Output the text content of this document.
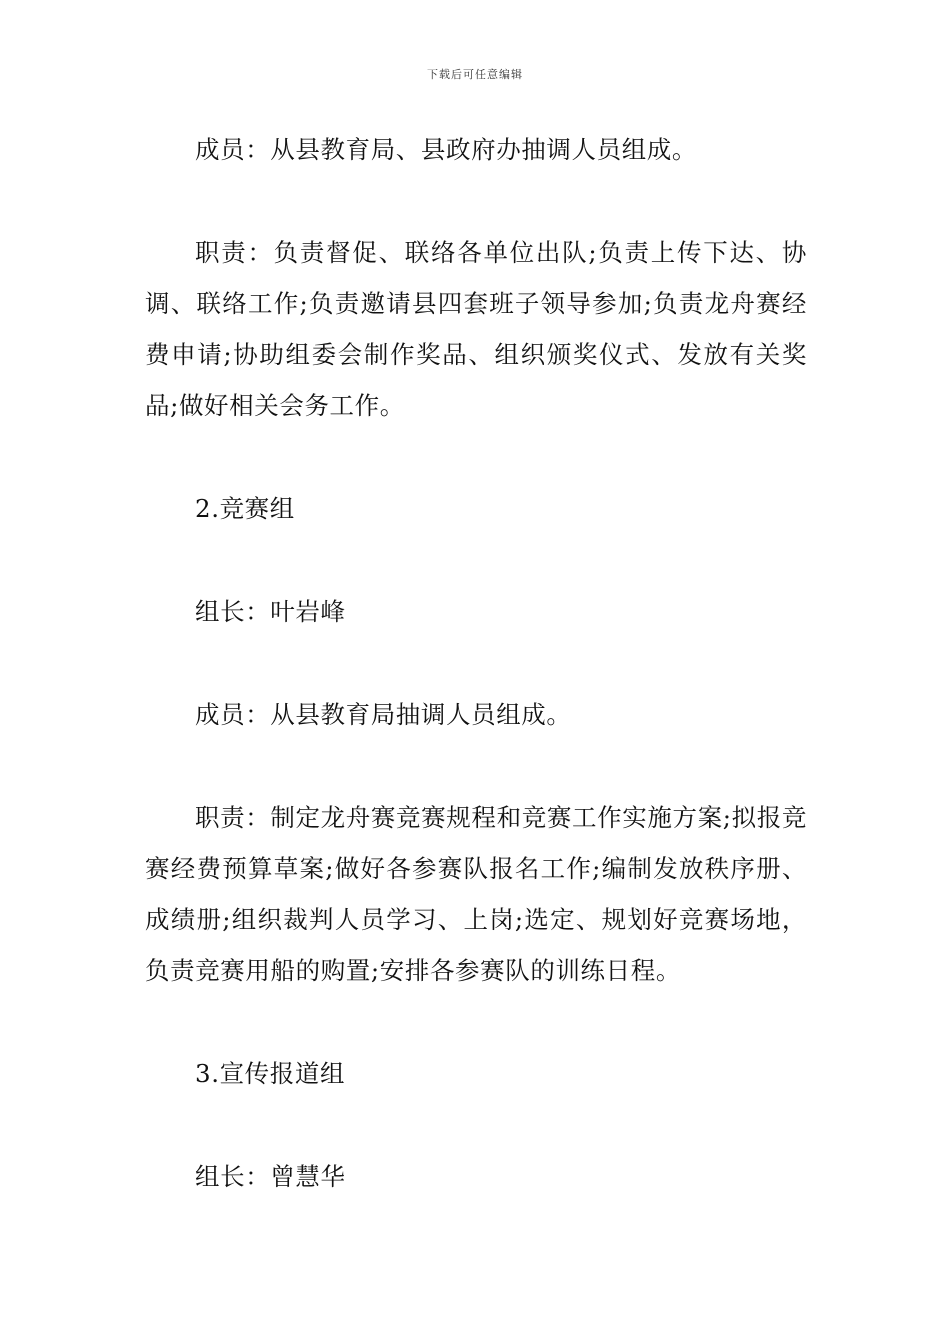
下载后可任意编辑

成员：从县教育局、县政府办抽调人员组成。

职责：负责督促、联络各单位出队;负责上传下达、协调、联络工作;负责邀请县四套班子领导参加;负责龙舟赛经费申请;协助组委会制作奖品、组织颁奖仪式、发放有关奖品;做好相关会务工作。

2.竞赛组

组长：叶岩峰

成员：从县教育局抽调人员组成。

职责：制定龙舟赛竞赛规程和竞赛工作实施方案;拟报竞赛经费预算草案;做好各参赛队报名工作;编制发放秩序册、成绩册;组织裁判人员学习、上岗;选定、规划好竞赛场地，负责竞赛用船的购置;安排各参赛队的训练日程。

3.宣传报道组

组长：曾慧华
